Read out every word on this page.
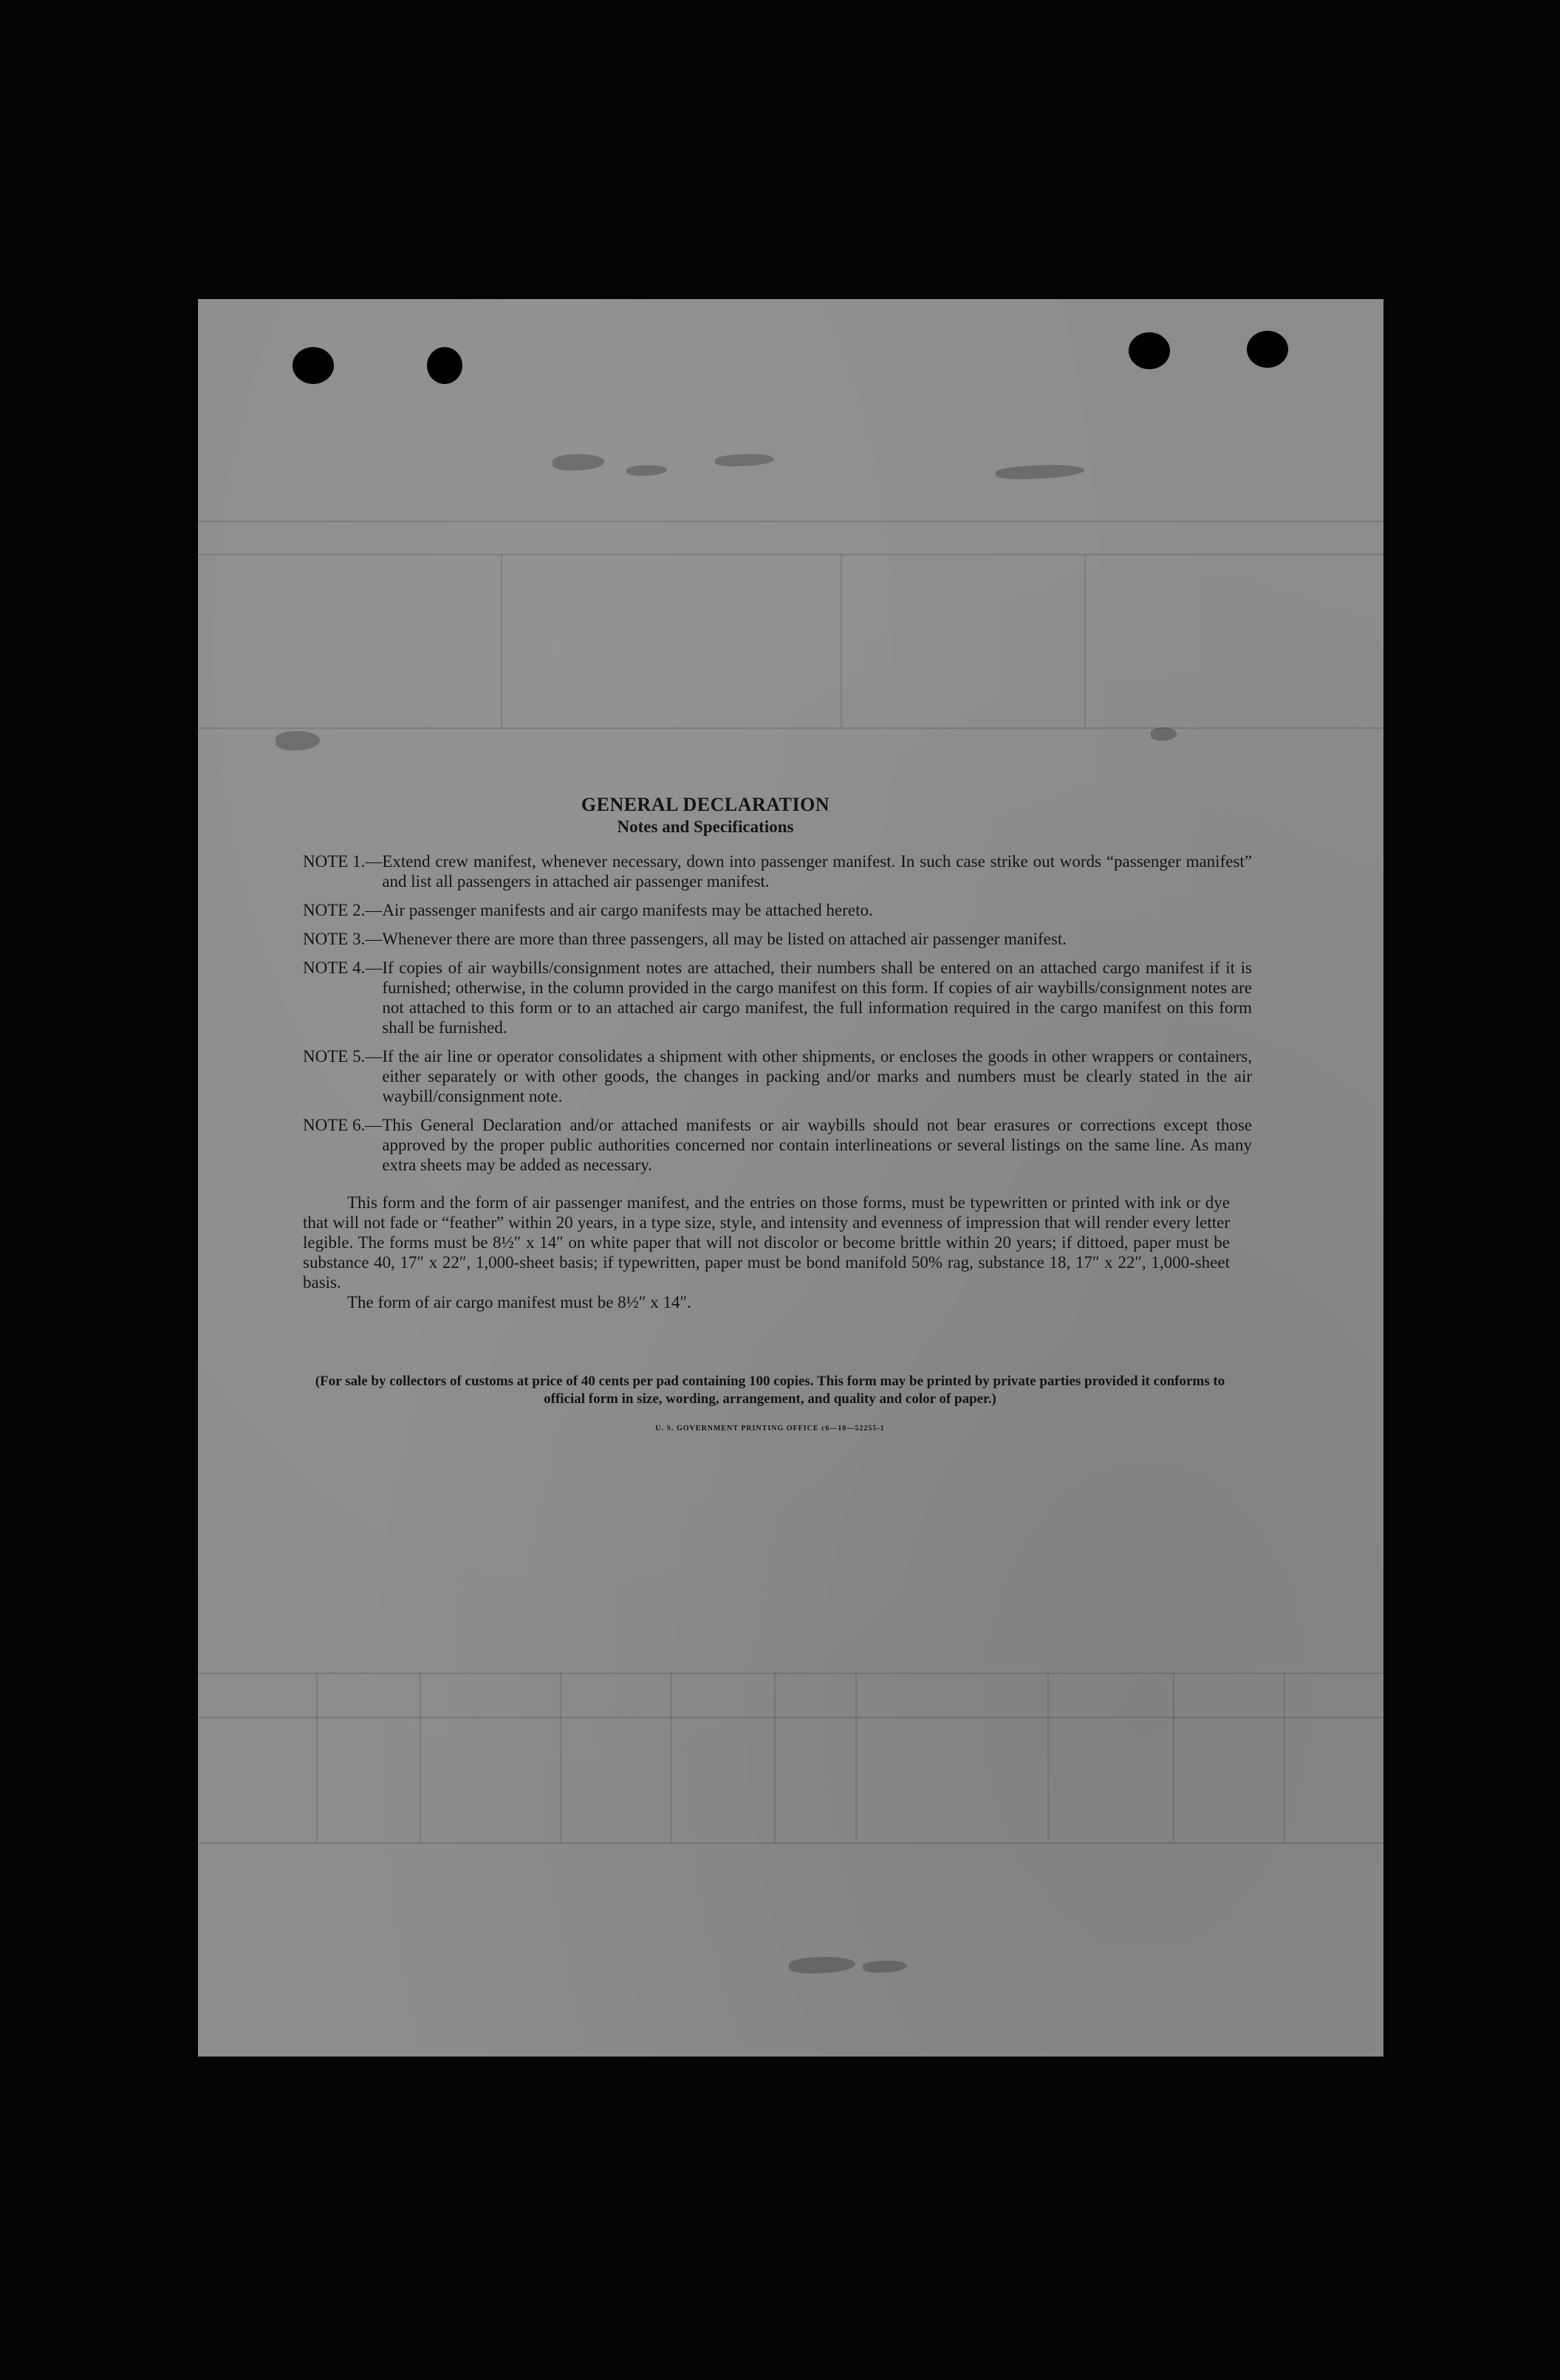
GENERAL DECLARATION
Notes and Specifications
NOTE 1.— Extend crew manifest, whenever necessary, down into passenger manifest. In such case strike out words “passenger manifest” and list all passengers in attached air passenger manifest.
NOTE 2.— Air passenger manifests and air cargo manifests may be attached hereto.
NOTE 3.— Whenever there are more than three passengers, all may be listed on attached air passenger manifest.
NOTE 4.— If copies of air waybills/consignment notes are attached, their numbers shall be entered on an attached cargo manifest if it is furnished; otherwise, in the column provided in the cargo manifest on this form. If copies of air waybills/consignment notes are not attached to this form or to an attached air cargo manifest, the full information required in the cargo manifest on this form shall be furnished.
NOTE 5.— If the air line or operator consolidates a shipment with other shipments, or encloses the goods in other wrappers or containers, either separately or with other goods, the changes in packing and/or marks and numbers must be clearly stated in the air waybill/consignment note.
NOTE 6.— This General Declaration and/or attached manifests or air waybills should not bear erasures or corrections except those approved by the proper public authorities concerned nor contain interlineations or several listings on the same line. As many extra sheets may be added as necessary.
This form and the form of air passenger manifest, and the entries on those forms, must be typewritten or printed with ink or dye that will not fade or “feather” within 20 years, in a type size, style, and intensity and evenness of impression that will render every letter legible. The forms must be 8½″ x 14″ on white paper that will not discolor or become brittle within 20 years; if dittoed, paper must be substance 40, 17″ x 22″, 1,000-sheet basis; if typewritten, paper must be bond manifold 50% rag, substance 18, 17″ x 22″, 1,000-sheet basis.
The form of air cargo manifest must be 8½″ x 14″.
(For sale by collectors of customs at price of 40 cents per pad containing 100 copies. This form may be printed by private parties provided it conforms to official form in size, wording, arrangement, and quality and color of paper.)
U. S. GOVERNMENT PRINTING OFFICE c6—10—52255-1
